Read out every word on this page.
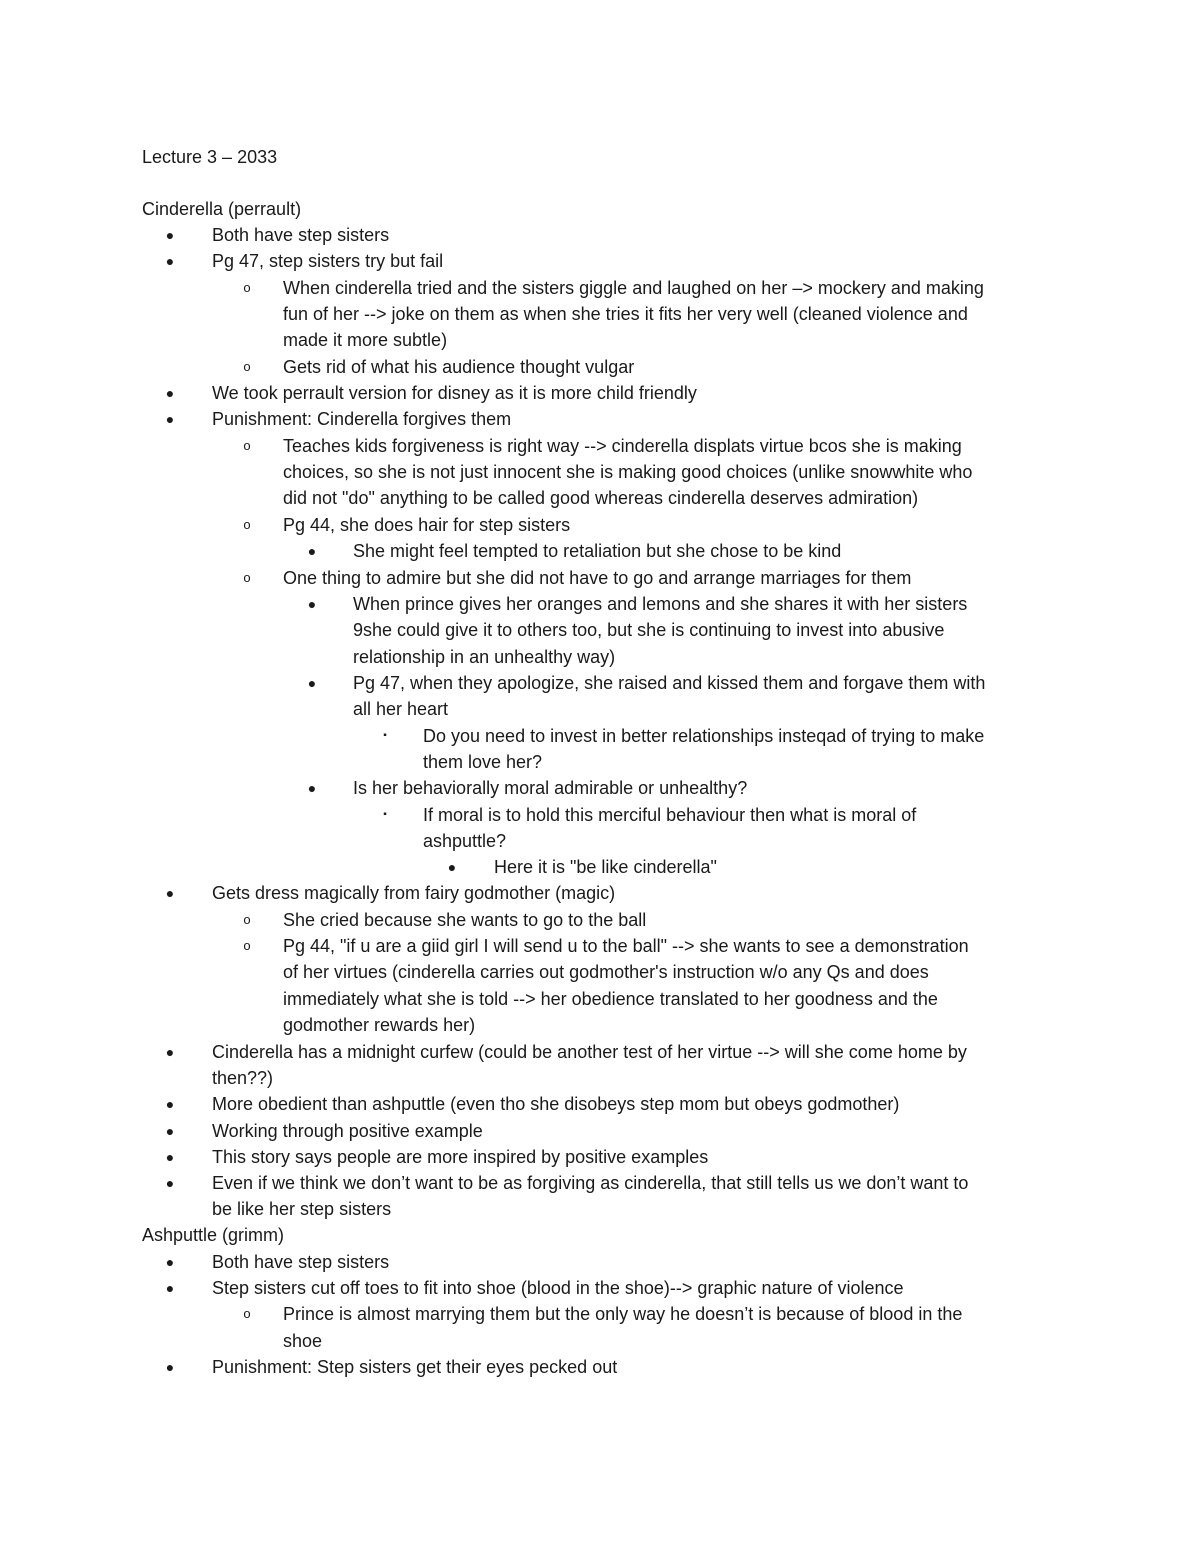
Lecture 3 – 2033
Cinderella (perrault)
● Both have step sisters
● Pg 47, step sisters try but fail
o When cinderella tried and the sisters giggle and laughed on her –> mockery and making
fun of her --> joke on them as when she tries it fits her very well (cleaned violence and
made it more subtle)
o Gets rid of what his audience thought vulgar
● We took perrault version for disney as it is more child friendly
● Punishment: Cinderella forgives them
o Teaches kids forgiveness is right way --> cinderella displats virtue bcos she is making
choices, so she is not just innocent she is making good choices (unlike snowwhite who
did not "do" anything to be called good whereas cinderella deserves admiration)
o Pg 44, she does hair for step sisters
● She might feel tempted to retaliation but she chose to be kind
o One thing to admire but she did not have to go and arrange marriages for them
● When prince gives her oranges and lemons and she shares it with her sisters
9she could give it to others too, but she is continuing to invest into abusive
relationship in an unhealthy way)
● Pg 47, when they apologize, she raised and kissed them and forgave them with
all her heart
▪	Do you need to invest in better relationships insteqad of trying to make
them love her?
● Is her behaviorally moral admirable or unhealthy?
▪	If moral is to hold this merciful behaviour then what is moral of
ashputtle?
● Here it is "be like cinderella"
● Gets dress magically from fairy godmother (magic)
o She cried because she wants to go to the ball
o Pg 44, "if u are a giid girl I will send u to the ball" --> she wants to see a demonstration
of her virtues (cinderella carries out godmother's instruction w/o any Qs and does
immediately what she is told --> her obedience translated to her goodness and the
godmother rewards her)
● Cinderella has a midnight curfew (could be another test of her virtue --> will she come home by
then??)
● More obedient than ashputtle (even tho she disobeys step mom but obeys godmother)
● Working through positive example
● This story says people are more inspired by positive examples
● Even if we think we don’t want to be as forgiving as cinderella, that still tells us we don’t want to
be like her step sisters
Ashputtle (grimm)
● Both have step sisters
● Step sisters cut off toes to fit into shoe (blood in the shoe)--> graphic nature of violence
o Prince is almost marrying them but the only way he doesn’t is because of blood in the
shoe
● Punishment: Step sisters get their eyes pecked out
